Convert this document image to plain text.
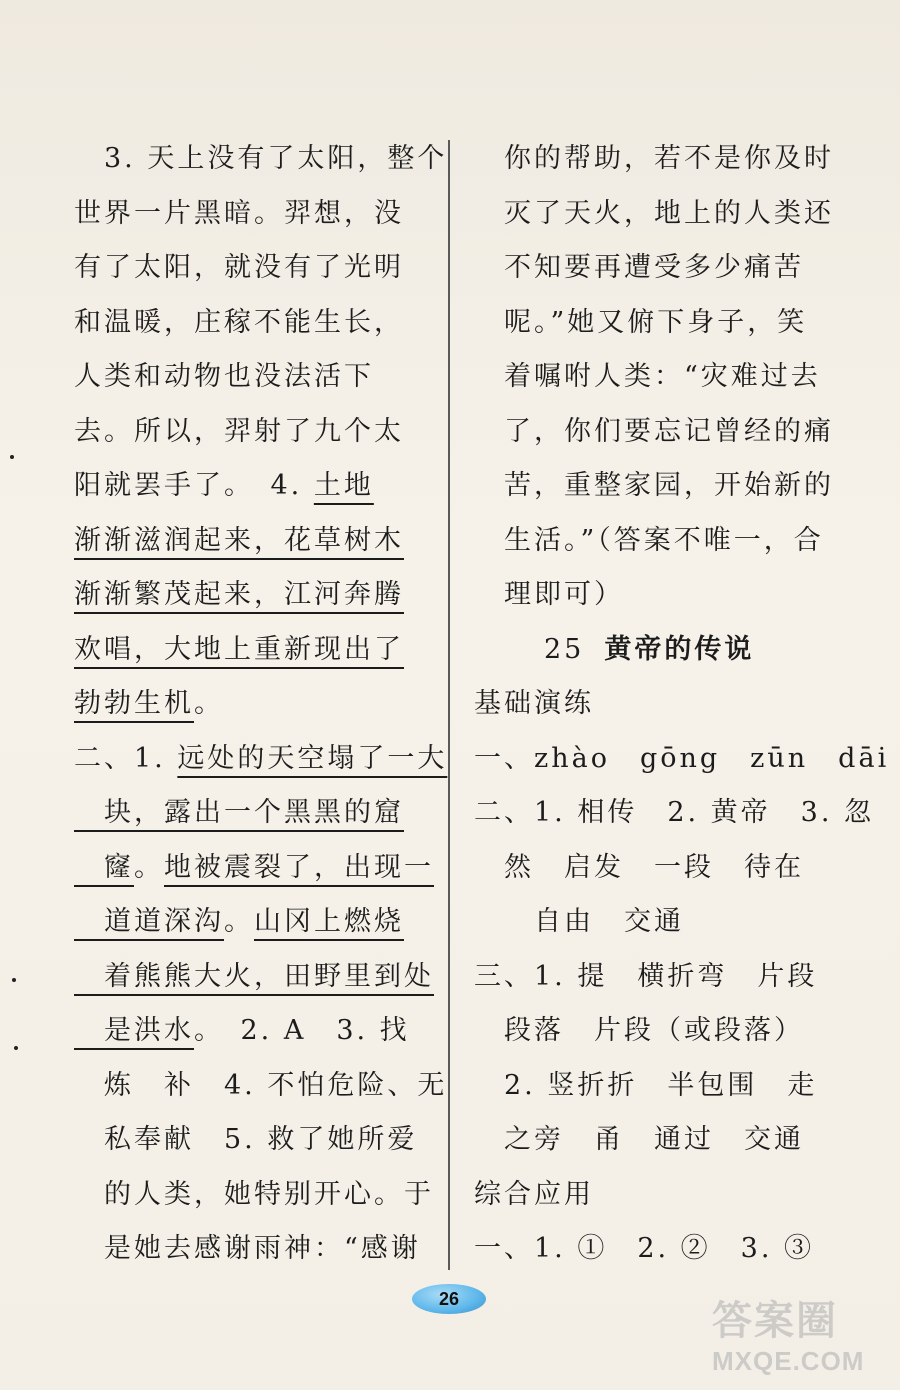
　3. 天上没有了太阳，整个
世界一片黑暗。羿想，没
有了太阳，就没有了光明
和温暖，庄稼不能生长，
人类和动物也没法活下
去。所以，羿射了九个太
阳就罢手了。　4. 土地
渐渐滋润起来，花草树木
渐渐繁茂起来，江河奔腾
欢唱，大地上重新现出了
勃勃生机。
二、1. 远处的天空塌了一大
　块，露出一个黑黑的窟
　窿。地被震裂了，出现一
　道道深沟。山冈上燃烧
　着熊熊大火，田野里到处
　是洪水。　2. A　3. 找
　炼　补　4. 不怕危险、无
　私奉献　5. 救了她所爱
　的人类，她特别开心。于
　是她去感谢雨神：“感谢
　你的帮助，若不是你及时
　灭了天火，地上的人类还
　不知要再遭受多少痛苦
　呢。”她又俯下身子，笑
　着嘱咐人类：“灾难过去
　了，你们要忘记曾经的痛
　苦，重整家园，开始新的
　生活。”（答案不唯一，合
　理即可）
25 黄帝的传说
基础演练
一、zhào　gōng　zūn　dāi
二、1. 相传　2. 黄帝　3. 忽
　然　启发　一段　待在
　　自由　交通
三、1. 提　横折弯　片段
　段落　片段（或段落）
　2. 竖折折　半包围　走
　之旁　甬　通过　交通
综合应用
一、1. ①　2. ②　3. ③
26
答案圈
MXQE.COM
